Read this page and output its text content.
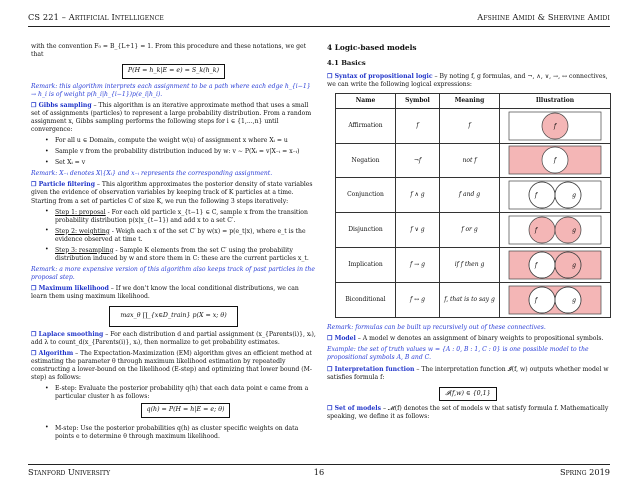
CS 221 – Artificial Intelligence	Afshine Amidi & Shervine Amidi

with the convention F₀ = B_{L+1} = 1. From this procedure and these notations, we get that

P(H = h_k|E = e) = S_k(h_k)
Remark: this algorithm interprets each assignment to be a path where each edge h_{i−1} → h_i is of weight p(h_i|h_{i−1})p(e_i|h_i).

❐ Gibbs sampling – This algorithm is an iterative approximate method that uses a small set of assignments (particles) to represent a large probability distribution. From a random assignment x, Gibbs sampling performs the following steps for i ∈ {1,...,n} until convergence:

• For all u ∈ Domainᵢ, compute the weight w(u) of assignment x where Xᵢ = u
• Sample v from the probability distribution induced by w: v ∼ P(Xᵢ = v|X₋ᵢ = x₋ᵢ)
• Set Xᵢ = v
Remark: X₋ᵢ denotes X\{Xᵢ} and x₋ᵢ represents the corresponding assignment.

❐ Particle filtering – This algorithm approximates the posterior density of state variables given the evidence of observation variables by keeping track of K particles at a time. Starting from a set of particles C of size K, we run the following 3 steps iteratively:

• Step 1: proposal - For each old particle x_{t−1} ∈ C, sample x from the transition probability distribution p(x|x_{t−1}) and add x to a set C′.
• Step 2: weighting - Weigh each x of the set C′ by w(x) = p(e_t|x), where e_t is the evidence observed at time t.
• Step 3: resampling - Sample K elements from the set C′ using the probability distribution induced by w and store them in C: these are the current particles x_t.
Remark: a more expensive version of this algorithm also keeps track of past particles in the proposal step.

❐ Maximum likelihood – If we don't know the local conditional distributions, we can learn them using maximum likelihood.

max_θ ∏_{x∈D_train} p(X = x; θ)

❐ Laplace smoothing – For each distribution d and partial assignment (x_{Parents(i)}, xᵢ), add λ to count_d(x_{Parents(i)}, xᵢ), then normalize to get probability estimates.

❐ Algorithm – The Expectation-Maximization (EM) algorithm gives an efficient method at estimating the parameter θ through maximum likelihood estimation by repeatedly constructing a lower-bound on the likelihood (E-step) and optimizing that lower bound (M-step) as follows:

• E-step: Evaluate the posterior probability q(h) that each data point e came from a particular cluster h as follows:
q(h) = P(H = h|E = e; θ)
• M-step: Use the posterior probabilities q(h) as cluster specific weights on data points e to determine θ through maximum likelihood.
4 Logic-based models
4.1 Basics

❐ Syntax of propositional logic – By noting f, g formulas, and ¬, ∧, ∨, →, ↔ connectives, we can write the following logical expressions:

Name	Symbol	Meaning	Illustration
Affirmation	f	f	f

Negation	¬f	not f	f

Conjunction	f ∧ g	f and g	f g

Disjunction	f ∨ g	f or g	f g

Implication	f → g	if f then g	f g

Biconditional	f ↔ g	f, that is to say g	f g
Remark: formulas can be built up recursively out of these connectives.

❐ Model – A model w denotes an assignment of binary weights to propositional symbols.

Example: the set of truth values w = {A : 0, B : 1, C : 0} is one possible model to the propositional symbols A, B and C.

❐ Interpretation function – The interpretation function 𝓘(f, w) outputs whether model w satisfies formula f:

𝓘(f,w) ∈ {0,1}

❐ Set of models – 𝓜(f) denotes the set of models w that satisfy formula f. Mathematically speaking, we define it as follows:

Stanford University	16	Spring 2019
